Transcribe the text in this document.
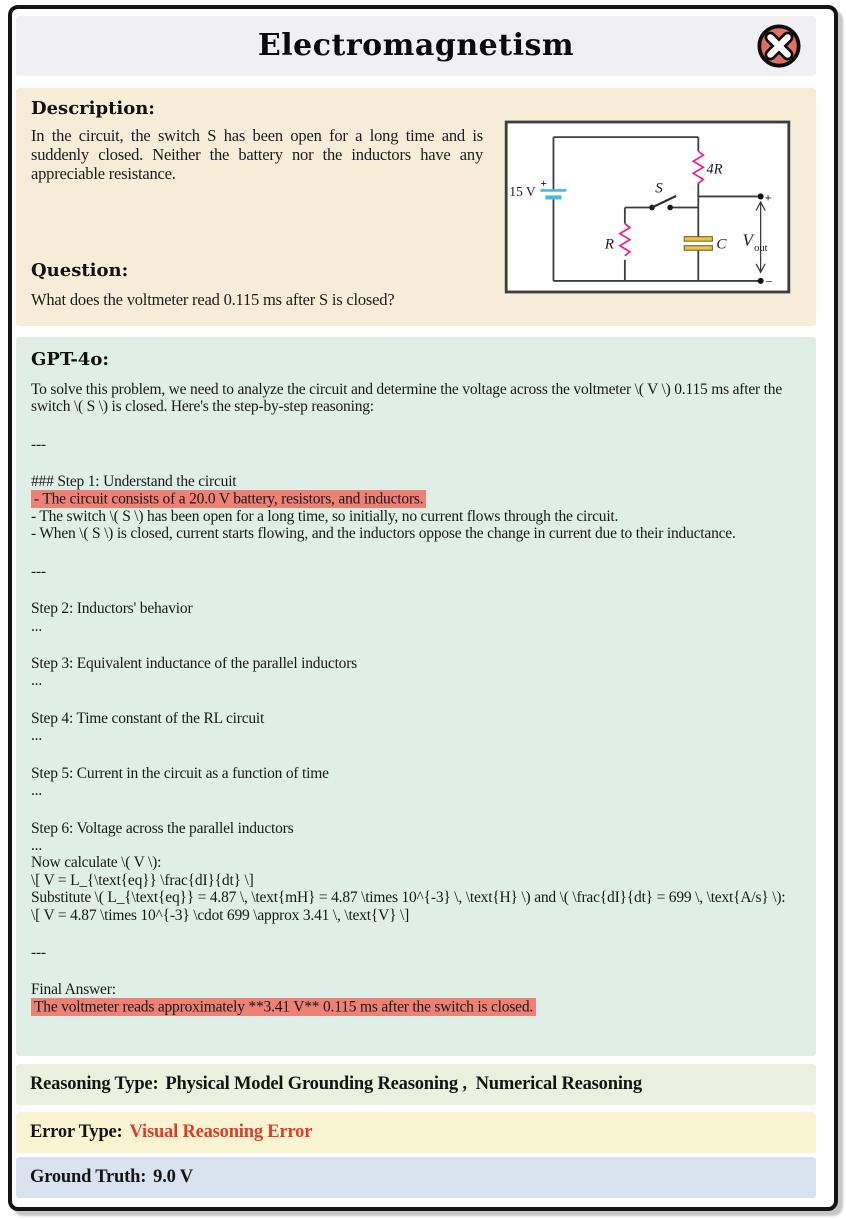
Electromagnetism
Description:
In the circuit, the switch S has been open for a long time and is suddenly closed. Neither the battery nor the inductors have any appreciable resistance.
Question:
What does the voltmeter read 0.115 ms after S is closed?
+
15 V
4R
R
S
C
+
−
V out
GPT-4o:
To solve this problem, we need to analyze the circuit and determine the voltage across the voltmeter \( V \) 0.115 ms after the switch \( S \) is closed. Here's the step-by-step reasoning:
---
### Step 1: Understand the circuit
- The circuit consists of a 20.0 V battery, resistors, and inductors.
- The switch \( S \) has been open for a long time, so initially, no current flows through the circuit.
- When \( S \) is closed, current starts flowing, and the inductors oppose the change in current due to their inductance.
---
Step 2: Inductors' behavior
...
Step 3: Equivalent inductance of the parallel inductors
...
Step 4: Time constant of the RL circuit
...
Step 5: Current in the circuit as a function of time
...
Step 6: Voltage across the parallel inductors
...
Now calculate \( V \):
\[ V = L_{\text{eq}} \frac{dI}{dt} \]
Substitute \( L_{\text{eq}} = 4.87 \, \text{mH} = 4.87 \times 10^{-3} \, \text{H} \) and \( \frac{dI}{dt} = 699 \, \text{A/s} \):
\[ V = 4.87 \times 10^{-3} \cdot 699 \approx 3.41 \, \text{V} \]
---
Final Answer:
The voltmeter reads approximately **3.41 V** 0.115 ms after the switch is closed.
Reasoning Type: Physical Model Grounding Reasoning ,  Numerical Reasoning
Error Type: Visual Reasoning Error
Ground Truth: 9.0 V
